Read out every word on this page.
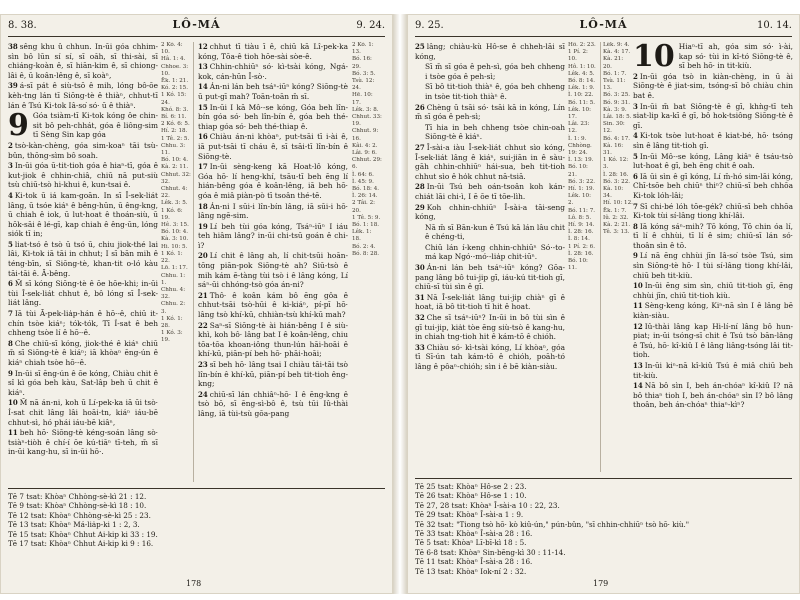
8. 38.	LÔ-MÁ	9. 24.

38 sêng khu û chhun. In-ūi góa chhim-sìn bô lūn sí sí, sī oăh, sī thi-sài, sī chiáng-koàn ê, sī hiān-kim ê, sī chiong-lâi ê, ū koân-lêng ê, sī koàⁿ,

39 á-sī pát ê siù-tsō ê mih, lóng bô-ōe kèh-tng lán tī Siōng-tè ê thiàⁿ, chhut-tī lán ê Tsú Ki-tok Iâ-so͘ só· ū ê thiàⁿ.

9 Góa tsiàm-tī Ki-tok kóng ôe chin-sit bô peh-chhát, góa ê liông-sim tī Sèng Sin kap góa

2 tsò-kàn-chèng, góa sim-koaⁿ tāi tsù-bûn, thōng-sìm bô soah.

3 In-ūi góa ū-tit-tioh góa ê hiaⁿ-tī, góa ê kut-jiok ê chhin-chiâ, chiū nā put-siù tsù chiū-tsò hi-khui ê, kun-tsai ê.

4 Ki-tok ū iá kam-goān. In sī Î-sek-liát lâng, ū tsóe kiáⁿ ê bêng-hūn, ū êng-kng, ū chiah ê iok, ū lut-hoat ê thoán-siù, ū hōk-sāi ê lé-gī, kap chiah ê êng-ūn, lóng siók tī in;

5 liat-tsó ê tsò ū tsó ū, chiu jiok-thé lai lâi, Ki-tok iā tāi in chhut; I sī bān mih ê téng-bīn, sī Siōng-tè, khan-tit o-ló kàu tāi-tāi ê. Ā-bêng.

6 M̄ sī kóng Siōng-tè ê ōe hōe-khi; in-ūi tùi Î-sek-liát chhut ê, bô lóng sī Î-sek-liát lâng.

7 Iā tùi Ā-pek-lia̍p-hán ê hō·-ê, chiū it-chín tsòe kiáⁿ; tók-tók, Tī Í-sat ê beh chheng tsòe lí ê hō·-ê.

8 Che chiū-sī kóng, jiok-thé ê kiáⁿ chiū m̄ sī Siōng-tè ê kiáⁿ; iā khòaⁿ ēng-ún ê kiáⁿ chiah tsòe hō·-ê.

9 In-ūi sī ēng-ún ê ōe kóng, Chiàu chit ê sî kì góa beh kàu, Sat-lâp beh ū chit ê kiáⁿ.

10 M̄ nā án-ni, koh ū Lí-pek-ka iā ūi tsò· Í-sat chit lâng lâi hoāi-tn, kiáⁿ iáu-bē chhut-sì, hó phái iáu-bē kiâⁿ,

11 beh hō· Siōng-tè kéng-soán lâng sò· tsiàⁿ-tiòh ê chí-í ōe kú-tiāⁿ tī-teh, m̄ sī in-ūi kang-hu, sī in-ūi hō·.

2 Kó. 4: 10.
Hâ. 1: 4.
Chhoe. 3: 10.
Ēk. 1: 21.
Kó. 2: 15.
1 Kó. 15: 24.
Khó. 8: 3.
Bí. 6: 11.
2 Kó. 6: 5.
Hí. 2: 18.
1 Tê. 2: 5.
Chhu. 3: 11.
Bó. 10: 4.
Kà. 2: 11.
Chhut. 32: 32.
Chhut. 4: 22.
Lêk. 3: 5.
1 Kó. 6: 19.
Hê. 3: 15.
Bó. 10: 4.
Kà. 3: 10.
Hi. 10: 5.
1 Kó. 1: 22.
Lō. 1: 17.
Chhu. 1: 1.
Chhu. 4: 32.
Chhu. 2: 3.
1 Kó. 1: 28.
1 Kó. 3: 19.

12 chhut tī tiàu ī ê, chiū kā Lî-pek-ka kóng, Tōa-ê tioh hōe-sài sòe-ê.

13 Chhin-chhiūⁿ só· kì-tsài kóng, Ngá-kok, cán-hūn Î-sò·.

14 Án-ni lán beh tsáⁿ-iūⁿ kóng? Siōng-tè ū put-gī mah? Toān-toān m̄ sī.

15 In-ūi I kā Mô·-se kóng, Góa beh lîn-bín góa só· beh lîn-bín ê, góa beh thé-thiap góa só· beh thé-thiap ê.

16 Chiàu án-ni khòaⁿ, put-tsāi tī i-ài ê, iā put-tsāi tī cháu ê, sī tsāi-tī lîn-bín ê Siōng-tè.

17 In-ūi sèng-keng kā Hoat-lô kóng, Góa hō· lí heng-khí, tsāu-tī beh ēng lí hián-bêng góa ê koân-lêng, iā beh hō· góa ê miâ piàn-pò tī tsoân thé-tē.

18 Án-ni I sūi-i lîn-bín lâng, iā sūi-i hō· lâng ngē-sim.

19 Lí beh tùi góa kóng, Tsáⁿ-iūⁿ I iáu teh hiâm lâng? in-ūi chi-tsū goán ê chi-ì?

20 Lí chit ê lâng ah, lí chit-tsūi hoān-tōng piān-pok Siōng-tè ah? Siū-tsò ê mih kám ē-tàng tùi tsò i ê lâng kóng, Lí sáⁿ-ūi chhóng-tsò góa án-ni?

21 Thô· ê koân kám bô ēng gôa ê chhut-tsāi tsò-hūi ê ki-kiáⁿ, pí-pī hō· lâng tsò khí-kū, chhiàn-tsù khí-kū mah?

22 Saⁿ-sī Siōng-tè ài hián-bêng I ê siù-khì, koh bô· lâng bat I ê koân-lêng, chiu tōa-tōa khoan-iông thun-lún hāi-hoāi ê khí-kū, piān-pí beh hō· phāi-hoāi;

23 sī beh hō· lâng tsai I chiàu tāi-tāi tsò lîn-bín ê khí-kū, piān-pí beh tit-tioh êng-kng;

24 chiū-sī lán chhiâⁿ-hō· I ê ēng-kng ê tsò bō, sī ēng-sì-bô ê, tsù tūi Iû-thài lâng, iā tùi-tsù gōa-pang

2 Kó. 1: 13.
Bó. 16: 29.
Bó. 3: 5.
Tsù. 12: 24.
Hē. 10: 17.
Lêk. 3: 8.
Chhut. 33: 19.
Chhut. 9: 16.
Kâi. 4: 2.
Lâi. 9: 6.
Chhut. 29: 6.
Ì. 64: 6.
Ì. 45: 9.
Bó. 18: 4.
Ì. 26: 14.
2 Tâi. 2: 20.
1 Tê. 5: 9.
Bó. 1: 18.
Lêk. 1: 18.
Bó. 2: 4.
Bó. 8: 28.
Tē 7 tsat: Khòaⁿ Chhòng-sè-kì 21 : 12.
Tē 9 tsat: Khòaⁿ Chhòng-sè-kì 18 : 10.
Tē 12 tsat: Khòaⁿ Chhòng-sè-kì 25 : 23.
Tē 13 tsat: Khòaⁿ Má-lia̍p-ki 1 : 2, 3.
Tē 15 tsat: Khòaⁿ Chhut Ai-kip ki 33 : 19.
Tē 17 tsat: Khòaⁿ Chhut Ai-kip ki 9 : 16.
178
9. 25.	LÔ-MÁ	10. 14.

25 lâng; chiàu-kù Hô-se ê chheh-lāi sī kóng,

Sī m̄ sī góa ê peh-sì, góa beh chheng i tsòe góa ê peh-sì;

Sī bô tit-tioh thiàⁿ ê, góa beh chheng in tsòe tit-tioh thiàⁿ ê.

26 Chèng ū tsāi só· tsāi kā in kóng, Lín m̄ sī góa ê peh-sì;

Tī hia in beh chheng tsòe chin-oah Siōng-tè ê kiáⁿ.

27 Î-sài-a iàu Î-sek-liát chhut sìo kóng, Î-sek-liát lâng ê kiáⁿ, sui-jiān in ê sàu-gāh chhin-chhiūⁿ hái-sua, beh tit-tioh chhut sìo ê ho̍k chhut nā-tsiā.

28 In-ūi Tsú beh oán-tsoân koh kán-chiát lāi chi-ì, I ē ōe tī tōe-lìh.

29 Koh chhin-chhiūⁿ Î-sài-a tāi-seng kóng,

Nā m̄ sī Bān-kun ê Tsú kā lán lâu chit ê chéng-ti,

Chiū lán í-keng chhin-chhiūⁿ Só·-to-má kap Ngó·-mó·-lia̍p chit-iūⁿ.

30 Án-ni lán beh tsáⁿ-iūⁿ kóng? Gōa-pang lâng bô tui-jip gī, iáu-kú tit-tioh gī, chiū-sī tùi sìn ê gī.

31 Nā Î-sek-liát lâng tui-jip chiàⁿ gī ê hoat, iā bô tit-tioh tī hit ê hoat.

32 Che sī tsáⁿ-iūⁿ? In-ūi in bô tùi sìn ê gī tui-jip, kia̍t tòe ēng siù-tsò ê kang-hu, in chiah tng-tioh hit ê kám-tō ê chióh.

33 Chiàu só· kì-tsài kóng, Lí khòaⁿ, góa tī Sī-ún tah kám-tō ê chióh, poāh-tó lâng ê pôaⁿ-chióh; sìn i ê bē kiàn-siàu.

Hô. 2: 23.
1 Pí. 2: 10.
Hô. 1: 10.
Lêk. 4: 5.
Bó. 8: 14.
Lêk. 1: 9.
Ì. 10: 22.
Bó. 11: 5.
Lêk. 10: 17.
Lâi. 23: 12.
Ì. 1: 9.
Chhòng. 19: 24.
Ì. 13: 19.
Bó. 10: 21.
Bó. 3: 22.
Hí. 1: 19.
Lêk. 10: 2.
Bó. 11: 7.
Lô. 8: 5.
Hí. 9: 14.
Ì. 28: 16.
Ì. 8: 14.
1 Pí. 2: 6.
Ì. 28: 16.
Bó. 10: 11.

10 Hiaⁿ-tī ah, góa sim só· ì-ài, kap só· tùi in kî-tó Siōng-tè ê, sī beh hō· in tit-kiù.

2 In-ūi góa tsò in kiàn-chèng, in ū ài Siōng-tè ê jiat-sim, tsóng-sī bô chiàu chin bat ê.

3 In-ūi m̄ bat Siōng-tè ê gī, khǹg-tī teh siat-lip ka-kī ê gī, bô hok-tsiông Siōng-tè ê gī.

4 Ki-tok tsòe lut-hoat ê kiat-bé, hō· tsóng sìn ê lâng tit-tioh gī.

5 In-ūi Mô·-se kóng, Lâng kiâⁿ ê tsáu-tsò lut-hoat ê gī, beh ēng chit ê oah.

6 Iā ūi sìn ê gī kóng, Lí m̄-hó sim-lāi kóng, Chī-tsōe beh chiūⁿ thiⁿ? chiū-sī beh chhōa Ki-tok lóh-lâi;

7 Sī chi-bé lóh tōe-gék? chiū-sī beh chhōa Ki-tok tùi sí-lâng tiong khí-lâi.

8 Iā kóng sáⁿ-mih? Tō kóng, Tō chin óa lí, tī lí ê chhùi, tī lí ê sim; chiū-sī lán só· thoân sìn ê tō.

9 Lí nā ēng chhùi jīn Iâ-so͘ tsòe Tsú, sim sìn Siōng-tè hō· I tùi sí-lâng tiong khí-lâi, chiū beh tit-kiù.

10 In-ūi ēng sim sìn, chiū tit-tioh gī, ēng chhùi jīn, chiū tit-tioh kiù.

11 Sèng-keng kóng, Kiⁿ-nā sìn I ê lâng bē kiàn-siàu.

12 Iû-thài lâng kap Hi-lí-ní lâng bô hun-piat; in-ūi tsóng-sī chit ê Tsú tsò bān-lâng ê Tsú, hō· kî-kiû I ê lâng liâng-tsóng lâi tit-tioh.

13 In-ūi kiⁿ-nā kî-kiû Tsú ê miâ chiū beh tit-kiù.

14 Nā bô sìn I, beh án-chóaⁿ kî-kiû I? nā bô thiaⁿ tioh I, beh án-chóaⁿ sìn I? bô lâng thoân, beh án-chóaⁿ thiaⁿ-kìⁿ?

Lêk. 9: 4.
Kà. 4: 17.
Kà. 21: 20.
Bó. 1: 7.
Tsù. 11: 13.
Bó. 3: 25.
Bó. 9: 31.
Kà. 3: 9.
Lâi. 18: 5.
Sin. 30: 12.
Bó. 4: 17.
Kà. 16: 31.
1 Kó. 12: 3.
Ì. 28: 16.
Bó. 3: 22.
Kà. 10: 34.
Hí. 10: 12.
Ēk. 1: 7.
Iû. 2: 32.
Kà. 2: 21.
Tê. 3: 13.
Tē 25 tsat: Khòaⁿ Hô-se 2 : 23.
Tē 26 tsat: Khòaⁿ Hô-se 1 : 10.
Tē 27, 28 tsat: Khòaⁿ Î-sài-a 10 : 22, 23.
Tē 29 tsat: Khòaⁿ Î-sài-a 1 : 9.
Tē 32 tsat: "Tiong tsò hō· kò kiû-ún," pún-bûn, "sī chhin-chhiūⁿ tsò hō· kiù."
Tē 33 tsat: Khòaⁿ Î-sài-a 28 : 16.
Tē 5 tsat: Khòaⁿ Lī-bī-kì 18 : 5.
Tē 6-8 tsat: Khòaⁿ Sin-bēng-kì 30 : 11-14.
Tē 11 tsat: Khòaⁿ Î-sài-a 28 : 16.
Tē 13 tsat: Khòaⁿ Iok-ní 2 : 32.
179
